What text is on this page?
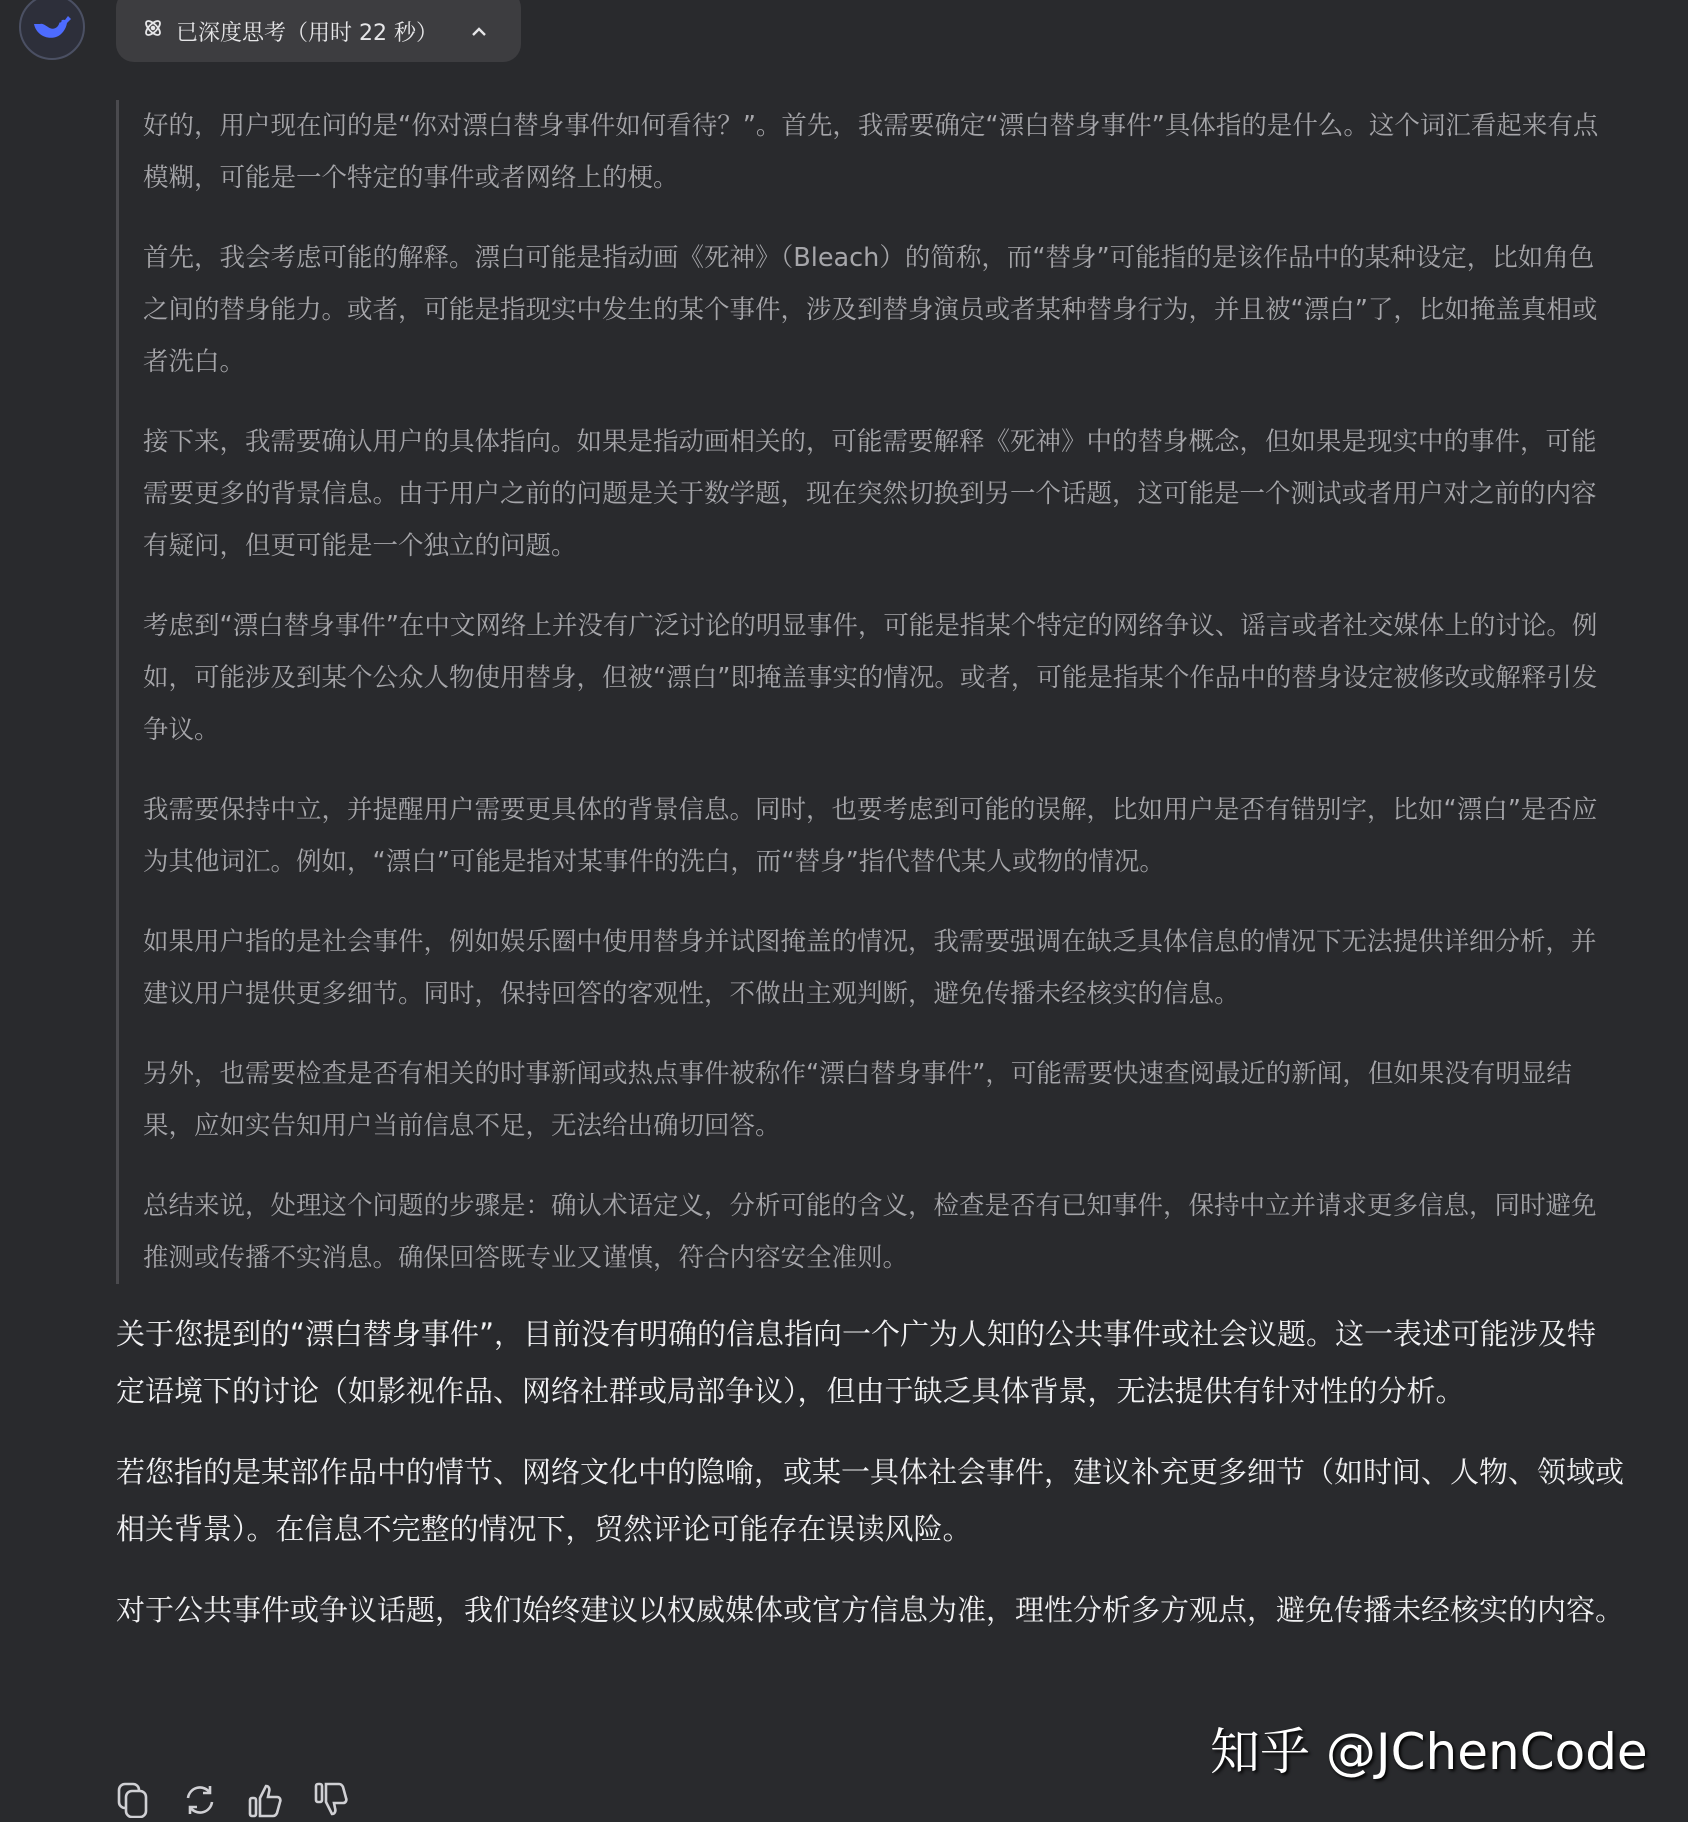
已深度思考（用时 22 秒）

好的，用户现在问的是“你对漂白替身事件如何看待？”。首先，我需要确定“漂白替身事件”具体指的是什么。这个词汇看起来有点模糊，可能是一个特定的事件或者网络上的梗。

首先，我会考虑可能的解释。漂白可能是指动画《死神》（Bleach）的简称，而“替身”可能指的是该作品中的某种设定，比如角色之间的替身能力。或者，可能是指现实中发生的某个事件，涉及到替身演员或者某种替身行为，并且被“漂白”了，比如掩盖真相或者洗白。

接下来，我需要确认用户的具体指向。如果是指动画相关的，可能需要解释《死神》中的替身概念，但如果是现实中的事件，可能需要更多的背景信息。由于用户之前的问题是关于数学题，现在突然切换到另一个话题，这可能是一个测试或者用户对之前的内容有疑问，但更可能是一个独立的问题。

考虑到“漂白替身事件”在中文网络上并没有广泛讨论的明显事件，可能是指某个特定的网络争议、谣言或者社交媒体上的讨论。例如，可能涉及到某个公众人物使用替身，但被“漂白”即掩盖事实的情况。或者，可能是指某个作品中的替身设定被修改或解释引发争议。

我需要保持中立，并提醒用户需要更具体的背景信息。同时，也要考虑到可能的误解，比如用户是否有错别字，比如“漂白”是否应为其他词汇。例如，“漂白”可能是指对某事件的洗白，而“替身”指代替代某人或物的情况。

如果用户指的是社会事件，例如娱乐圈中使用替身并试图掩盖的情况，我需要强调在缺乏具体信息的情况下无法提供详细分析，并建议用户提供更多细节。同时，保持回答的客观性，不做出主观判断，避免传播未经核实的信息。

另外，也需要检查是否有相关的时事新闻或热点事件被称作“漂白替身事件”，可能需要快速查阅最近的新闻，但如果没有明显结果，应如实告知用户当前信息不足，无法给出确切回答。

总结来说，处理这个问题的步骤是：确认术语定义，分析可能的含义，检查是否有已知事件，保持中立并请求更多信息，同时避免推测或传播不实消息。确保回答既专业又谨慎，符合内容安全准则。

关于您提到的“漂白替身事件”，目前没有明确的信息指向一个广为人知的公共事件或社会议题。这一表述可能涉及特定语境下的讨论（如影视作品、网络社群或局部争议），但由于缺乏具体背景，无法提供有针对性的分析。

若您指的是某部作品中的情节、网络文化中的隐喻，或某一具体社会事件，建议补充更多细节（如时间、人物、领域或相关背景）。在信息不完整的情况下，贸然评论可能存在误读风险。

对于公共事件或争议话题，我们始终建议以权威媒体或官方信息为准，理性分析多方观点，避免传播未经核实的内容。

知乎 @JChenCode
